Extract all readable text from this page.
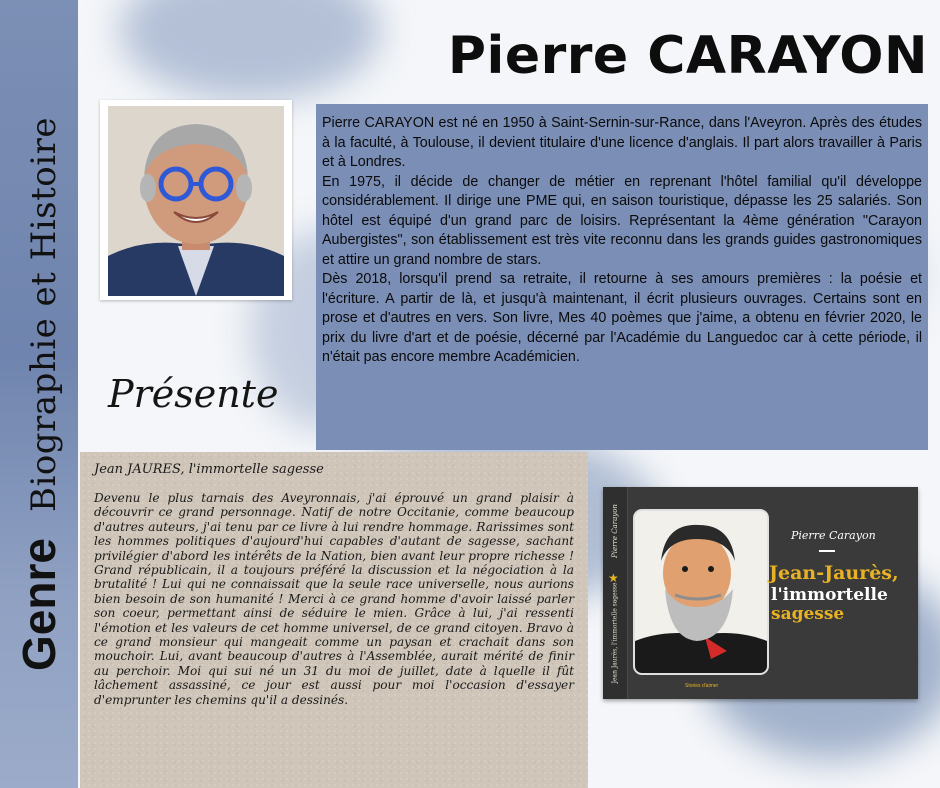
Genre
Biographie et Histoire
Pierre CARAYON
Présente

Pierre CARAYON est né en 1950 à Saint-Sernin-sur-Rance, dans l'Aveyron. Après des études à la faculté, à Toulouse, il devient titulaire d'une licence d'anglais. Il part alors travailler à Paris et à Londres.

En 1975, il décide de changer de métier en reprenant l'hôtel familial qu'il développe considérablement. Il dirige une PME qui, en saison touristique, dépasse les 25 salariés. Son hôtel est équipé d'un grand parc de loisirs. Représentant la 4ème génération "Carayon Aubergistes", son établissement est très vite reconnu dans les grands guides gastronomiques et attire un grand nombre de stars.

Dès 2018, lorsqu'il prend sa retraite, il retourne à ses amours premières : la poésie et l'écriture. A partir de là, et jusqu'à maintenant, il écrit plusieurs ouvrages. Certains sont en prose et d'autres en vers. Son livre, Mes 40 poèmes que j'aime, a obtenu en février 2020, le prix du livre d'art et de poésie, décerné par l'Académie du Languedoc car à cette période, il n'était pas encore membre Académicien.

Jean JAURES, l'immortelle sagesse

Devenu le plus tarnais des Aveyronnais, j'ai éprouvé un grand plaisir à découvrir ce grand personnage. Natif de notre Occitanie, comme beaucoup d'autres auteurs, j'ai tenu par ce livre à lui rendre hommage. Rarissimes sont les hommes politiques d'aujourd'hui capables d'autant de sagesse, sachant privilégier d'abord les intérêts de la Nation, bien avant leur propre richesse ! Grand républicain, il a toujours préféré la discussion et la négociation à la brutalité ! Lui qui ne connaissait que la seule race universelle, nous aurions bien besoin de son humanité ! Merci à ce grand homme d'avoir laissé parler son coeur, permettant ainsi de séduire le mien. Grâce à lui, j'ai ressenti l'émotion et les valeurs de cet homme universel, de ce grand citoyen. Bravo à ce grand monsieur qui mangeait comme un paysan et crachait dans son mouchoir. Lui, avant beaucoup d'autres à l'Assemblée, aurait mérité de finir au perchoir. Moi qui sui né un 31 du moi de juillet, date à lquelle il fût lâchement assassiné, ce jour est aussi pour moi l'occasion d'essayer d'emprunter les chemins qu'il a dessinés.

Pierre Carayon
★
Jean Jaurès, l'immortelle sagesse
Pierre Carayon
Jean-Jaurès,
l'immortelle
sagesse
Stories d'aimer
